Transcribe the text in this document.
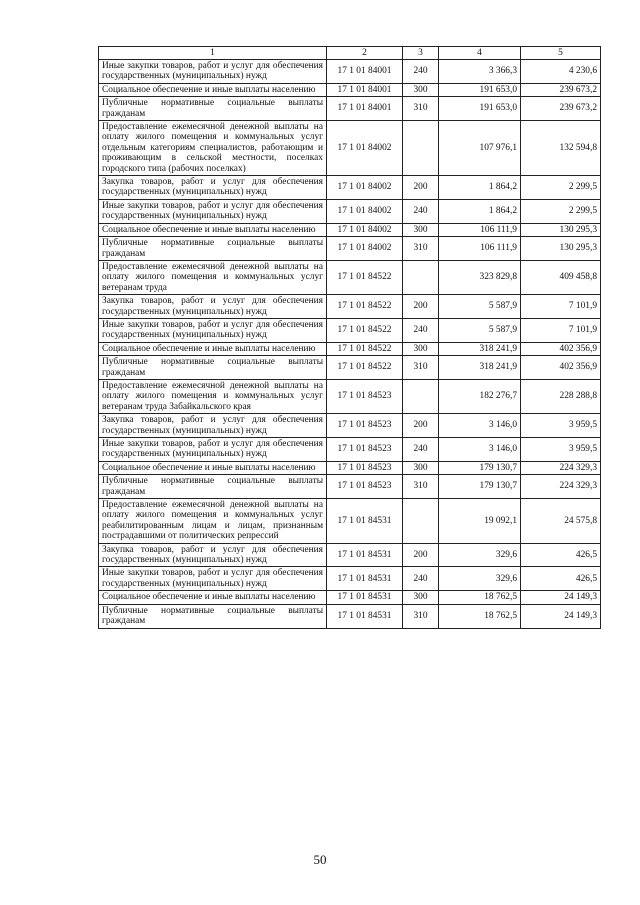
1	2	3	4	5
Иные закупки товаров, работ и услуг для обеспечения государственных (муниципальных) нужд	17 1 01 84001	240	3 366,3	4 230,6
Социальное обеспечение и иные выплаты населению	17 1 01 84001	300	191 653,0	239 673,2
Публичные нормативные социальные выплаты гражданам	17 1 01 84001	310	191 653,0	239 673,2
Предоставление ежемесячной денежной выплаты на оплату жилого помещения и коммунальных услуг отдельным категориям специалистов, работающим и проживающим в сельской местности, поселках городского типа (рабочих поселках)	17 1 01 84002		107 976,1	132 594,8
Закупка товаров, работ и услуг для обеспечения государственных (муниципальных) нужд	17 1 01 84002	200	1 864,2	2 299,5
Иные закупки товаров, работ и услуг для обеспечения государственных (муниципальных) нужд	17 1 01 84002	240	1 864,2	2 299,5
Социальное обеспечение и иные выплаты населению	17 1 01 84002	300	106 111,9	130 295,3
Публичные нормативные социальные выплаты гражданам	17 1 01 84002	310	106 111,9	130 295,3
Предоставление ежемесячной денежной выплаты на оплату жилого помещения и коммунальных услуг ветеранам труда	17 1 01 84522		323 829,8	409 458,8
Закупка товаров, работ и услуг для обеспечения государственных (муниципальных) нужд	17 1 01 84522	200	5 587,9	7 101,9
Иные закупки товаров, работ и услуг для обеспечения государственных (муниципальных) нужд	17 1 01 84522	240	5 587,9	7 101,9
Социальное обеспечение и иные выплаты населению	17 1 01 84522	300	318 241,9	402 356,9
Публичные нормативные социальные выплаты гражданам	17 1 01 84522	310	318 241,9	402 356,9
Предоставление ежемесячной денежной выплаты на оплату жилого помещения и коммунальных услуг ветеранам труда Забайкальского края	17 1 01 84523		182 276,7	228 288,8
Закупка товаров, работ и услуг для обеспечения государственных (муниципальных) нужд	17 1 01 84523	200	3 146,0	3 959,5
Иные закупки товаров, работ и услуг для обеспечения государственных (муниципальных) нужд	17 1 01 84523	240	3 146,0	3 959,5
Социальное обеспечение и иные выплаты населению	17 1 01 84523	300	179 130,7	224 329,3
Публичные нормативные социальные выплаты гражданам	17 1 01 84523	310	179 130,7	224 329,3
Предоставление ежемесячной денежной выплаты на оплату жилого помещения и коммунальных услуг реабилитированным лицам и лицам, признанным пострадавшими от политических репрессий	17 1 01 84531		19 092,1	24 575,8
Закупка товаров, работ и услуг для обеспечения государственных (муниципальных) нужд	17 1 01 84531	200	329,6	426,5
Иные закупки товаров, работ и услуг для обеспечения государственных (муниципальных) нужд	17 1 01 84531	240	329,6	426,5
Социальное обеспечение и иные выплаты населению	17 1 01 84531	300	18 762,5	24 149,3
Публичные нормативные социальные выплаты гражданам	17 1 01 84531	310	18 762,5	24 149,3
50
